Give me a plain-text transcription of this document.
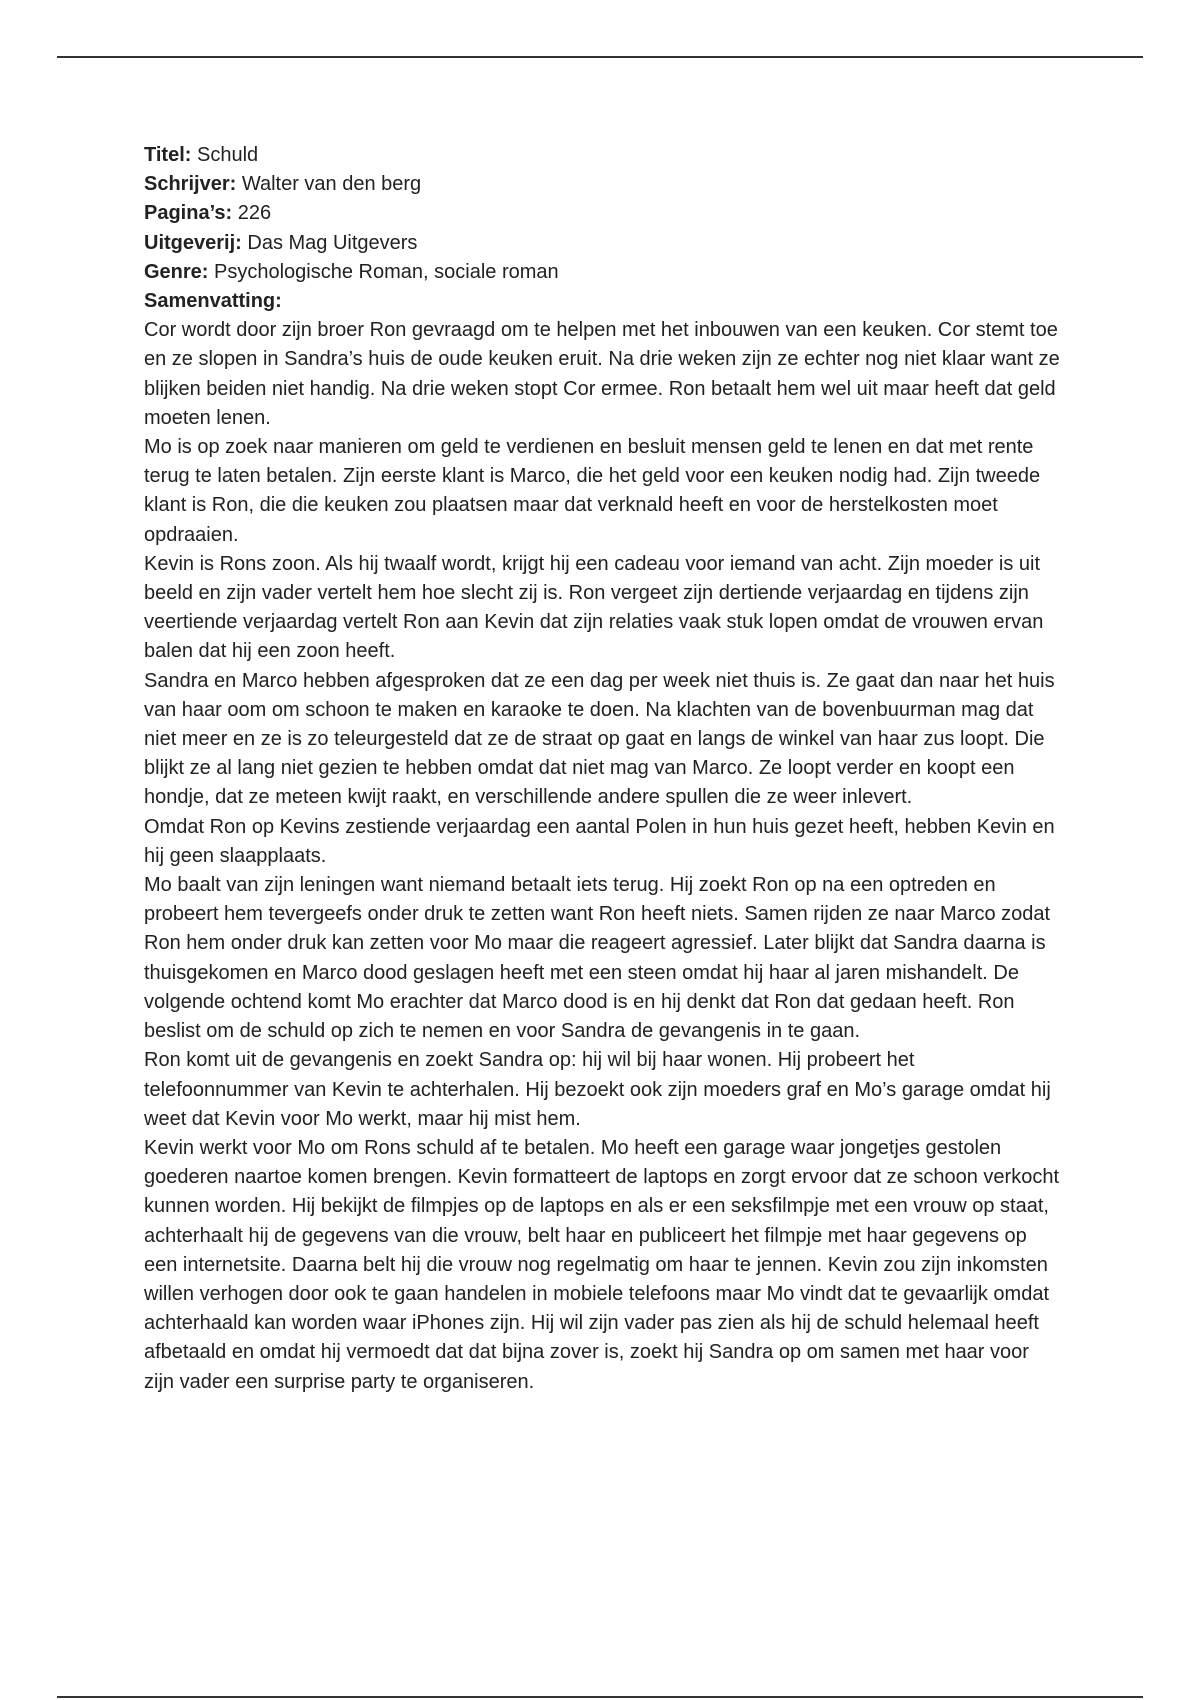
Titel: Schuld

Schrijver: Walter van den berg

Pagina’s: 226

Uitgeverij: Das Mag Uitgevers

Genre: Psychologische Roman, sociale roman

Samenvatting:

Cor wordt door zijn broer Ron gevraagd om te helpen met het inbouwen van een keuken. Cor stemt toe en ze slopen in Sandra’s huis de oude keuken eruit. Na drie weken zijn ze echter nog niet klaar want ze blijken beiden niet handig. Na drie weken stopt Cor ermee. Ron betaalt hem wel uit maar heeft dat geld moeten lenen.

Mo is op zoek naar manieren om geld te verdienen en besluit mensen geld te lenen en dat met rente terug te laten betalen. Zijn eerste klant is Marco, die het geld voor een keuken nodig had. Zijn tweede klant is Ron, die die keuken zou plaatsen maar dat verknald heeft en voor de herstelkosten moet opdraaien.

Kevin is Rons zoon. Als hij twaalf wordt, krijgt hij een cadeau voor iemand van acht. Zijn moeder is uit beeld en zijn vader vertelt hem hoe slecht zij is. Ron vergeet zijn dertiende verjaardag en tijdens zijn veertiende verjaardag vertelt Ron aan Kevin dat zijn relaties vaak stuk lopen omdat de vrouwen ervan balen dat hij een zoon heeft.

Sandra en Marco hebben afgesproken dat ze een dag per week niet thuis is. Ze gaat dan naar het huis van haar oom om schoon te maken en karaoke te doen. Na klachten van de bovenbuurman mag dat niet meer en ze is zo teleurgesteld dat ze de straat op gaat en langs de winkel van haar zus loopt. Die blijkt ze al lang niet gezien te hebben omdat dat niet mag van Marco. Ze loopt verder en koopt een hondje, dat ze meteen kwijt raakt, en verschillende andere spullen die ze weer inlevert.

Omdat Ron op Kevins zestiende verjaardag een aantal Polen in hun huis gezet heeft, hebben Kevin en hij geen slaapplaats.

Mo baalt van zijn leningen want niemand betaalt iets terug. Hij zoekt Ron op na een optreden en probeert hem tevergeefs onder druk te zetten want Ron heeft niets. Samen rijden ze naar Marco zodat Ron hem onder druk kan zetten voor Mo maar die reageert agressief. Later blijkt dat Sandra daarna is thuisgekomen en Marco dood geslagen heeft met een steen omdat hij haar al jaren mishandelt. De volgende ochtend komt Mo erachter dat Marco dood is en hij denkt dat Ron dat gedaan heeft. Ron beslist om de schuld op zich te nemen en voor Sandra de gevangenis in te gaan.

Ron komt uit de gevangenis en zoekt Sandra op: hij wil bij haar wonen. Hij probeert het telefoonnummer van Kevin te achterhalen. Hij bezoekt ook zijn moeders graf en Mo’s garage omdat hij weet dat Kevin voor Mo werkt, maar hij mist hem.

Kevin werkt voor Mo om Rons schuld af te betalen. Mo heeft een garage waar jongetjes gestolen goederen naartoe komen brengen. Kevin formatteert de laptops en zorgt ervoor dat ze schoon verkocht kunnen worden. Hij bekijkt de filmpjes op de laptops en als er een seksfilmpje met een vrouw op staat, achterhaalt hij de gegevens van die vrouw, belt haar en publiceert het filmpje met haar gegevens op een internetsite. Daarna belt hij die vrouw nog regelmatig om haar te jennen. Kevin zou zijn inkomsten willen verhogen door ook te gaan handelen in mobiele telefoons maar Mo vindt dat te gevaarlijk omdat achterhaald kan worden waar iPhones zijn. Hij wil zijn vader pas zien als hij de schuld helemaal heeft afbetaald en omdat hij vermoedt dat dat bijna zover is, zoekt hij Sandra op om samen met haar voor zijn vader een surprise party te organiseren.
